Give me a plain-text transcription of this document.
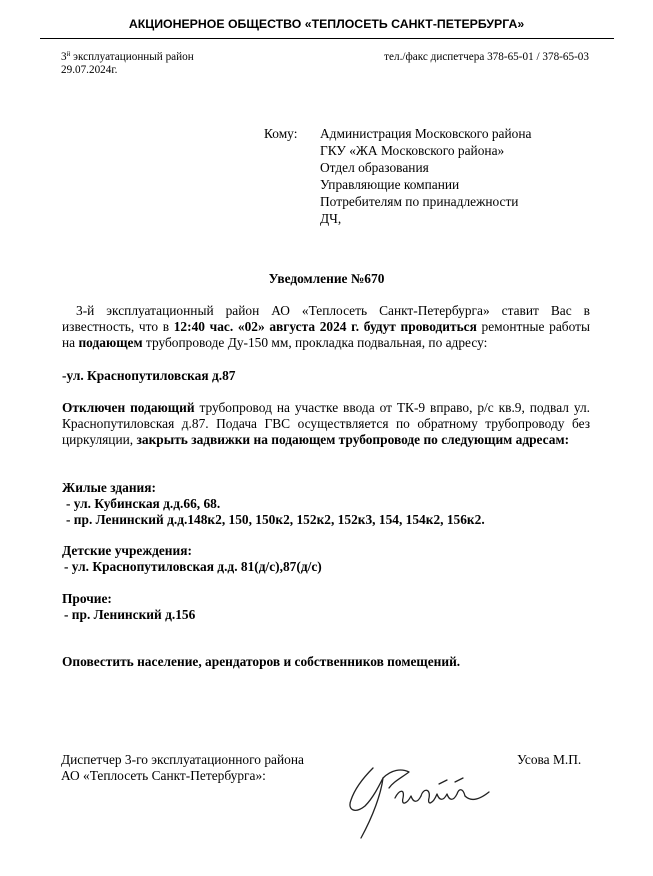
АКЦИОНЕРНОЕ ОБЩЕСТВО «ТЕПЛОСЕТЬ САНКТ-ПЕТЕРБУРГА»
$3^й$ эксплуатационный район
29.07.2024г.
тел./факс диспетчера 378-65-01 / 378-65-03
Кому: Администрация Московского района
ГКУ «ЖА Московского района»
Отдел образования
Управляющие компании
Потребителям по принадлежности
ДЧ,
Уведомление №670

3-й эксплуатационный район АО «Теплосеть Санкт-Петербурга» ставит Вас в известность, что в 12:40 час. «02» августа 2024 г. будут проводиться ремонтные работы на подающем трубопроводе Ду-150 мм, прокладка подвальная, по адресу:

-ул. Краснопутиловская д.87

Отключен подающий трубопровод на участке ввода от ТК-9 вправо, р/с кв.9, подвал ул. Краснопутиловская д.87. Подача ГВС осуществляется по обратному трубопроводу без циркуляции, закрыть задвижки на подающем трубопроводе по следующим адресам:

Жилые здания:
- ул. Кубинская д.д.66, 68.
- пр. Ленинский д.д.148к2, 150, 150к2, 152к2, 152к3, 154, 154к2, 156к2.
Детские учреждения:
- ул. Краснопутиловская д.д. 81(д/с),87(д/с)
Прочие:
- пр. Ленинский д.156
Оповестить население, арендаторов и собственников помещений.
Диспетчер 3-го эксплуатационного района
АО «Теплосеть Санкт-Петербурга»:
Усова М.П.
